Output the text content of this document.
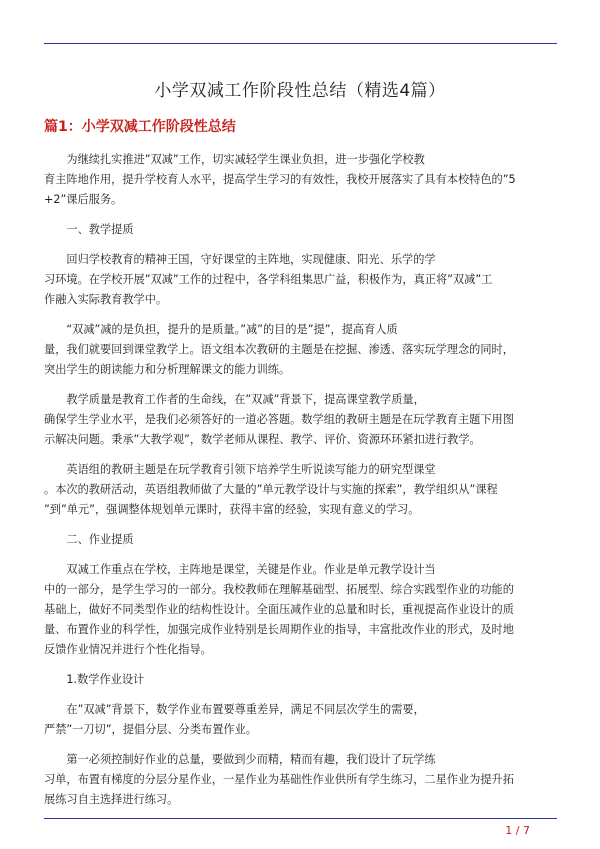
小学双减工作阶段性总结（精选4篇）
篇1：小学双减工作阶段性总结

为继续扎实推进”双减”工作，切实减轻学生课业负担，进一步强化学校教
育主阵地作用，提升学校育人水平，提高学生学习的有效性，我校开展落实了具有本校特色的”5
+2”课后服务。

一、教学提质

回归学校教育的精神王国，守好课堂的主阵地，实现健康、阳光、乐学的学
习环境。在学校开展”双减”工作的过程中，各学科组集思广益，积极作为，真正将”双减”工
作融入实际教育教学中。

“双减”减的是负担，提升的是质量。”减”的目的是”提”，提高育人质
量，我们就要回到课堂教学上。语文组本次教研的主题是在挖掘、渗透、落实玩学理念的同时，
突出学生的朗读能力和分析理解课文的能力训练。

教学质量是教育工作者的生命线，在”双减”背景下，提高课堂教学质量，
确保学生学业水平，是我们必须答好的一道必答题。数学组的教研主题是在玩学教育主题下用图
示解决问题。秉承”大教学观”，数学老师从课程、教学、评价、资源环环紧扣进行教学。

英语组的教研主题是在玩学教育引领下培养学生听说读写能力的研究型课堂
。本次的教研活动，英语组教师做了大量的”单元教学设计与实施的探索”，教学组织从”课程
”到”单元”，强调整体规划单元课时，获得丰富的经验，实现有意义的学习。

二、作业提质

双减工作重点在学校，主阵地是课堂，关键是作业。作业是单元教学设计当
中的一部分，是学生学习的一部分。我校教师在理解基础型、拓展型、综合实践型作业的功能的
基础上，做好不同类型作业的结构性设计。全面压减作业的总量和时长，重视提高作业设计的质
量、布置作业的科学性，加强完成作业特别是长周期作业的指导，丰富批改作业的形式，及时地
反馈作业情况并进行个性化指导。

1.数学作业设计

在”双减”背景下，数学作业布置要尊重差异，满足不同层次学生的需要，
严禁”一刀切”，提倡分层、分类布置作业。

第一必须控制好作业的总量，要做到少而精，精而有趣，我们设计了玩学练
习单，布置有梯度的分层分星作业，一星作业为基础性作业供所有学生练习，二星作业为提升拓
展练习自主选择进行练习。

1 / 7
